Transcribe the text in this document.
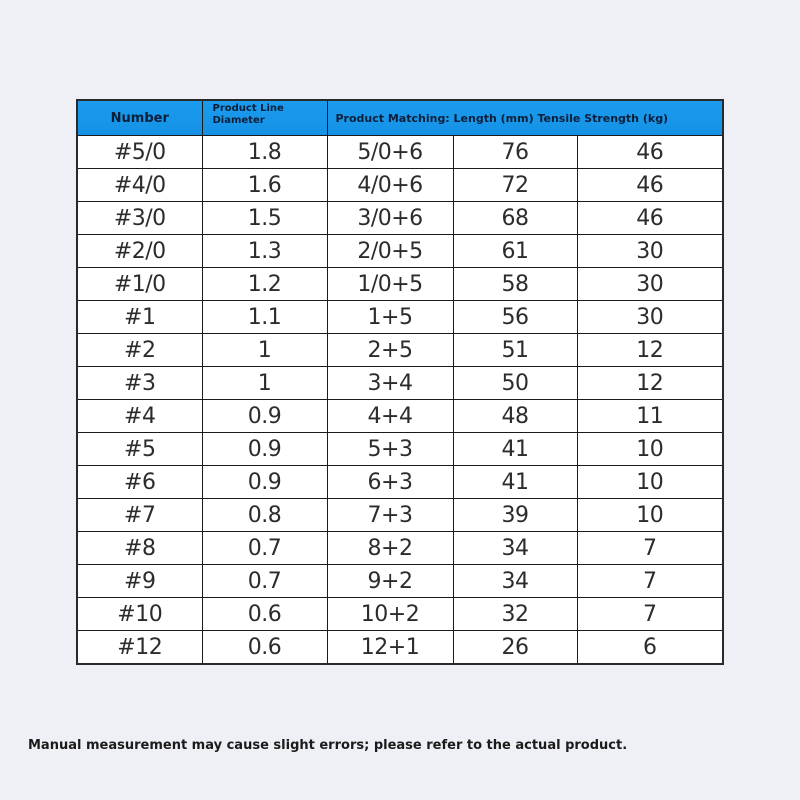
Number	Product Line Diameter	Product Matching: Length (mm) Tensile Strength (kg)		
#5/0	1.8	5/0+6	76	46
#4/0	1.6	4/0+6	72	46
#3/0	1.5	3/0+6	68	46
#2/0	1.3	2/0+5	61	30
#1/0	1.2	1/0+5	58	30
#1	1.1	1+5	56	30
#2	1	2+5	51	12
#3	1	3+4	50	12
#4	0.9	4+4	48	11
#5	0.9	5+3	41	10
#6	0.9	6+3	41	10
#7	0.8	7+3	39	10
#8	0.7	8+2	34	7
#9	0.7	9+2	34	7
#10	0.6	10+2	32	7
#12	0.6	12+1	26	6
Manual measurement may cause slight errors; please refer to the actual product.
